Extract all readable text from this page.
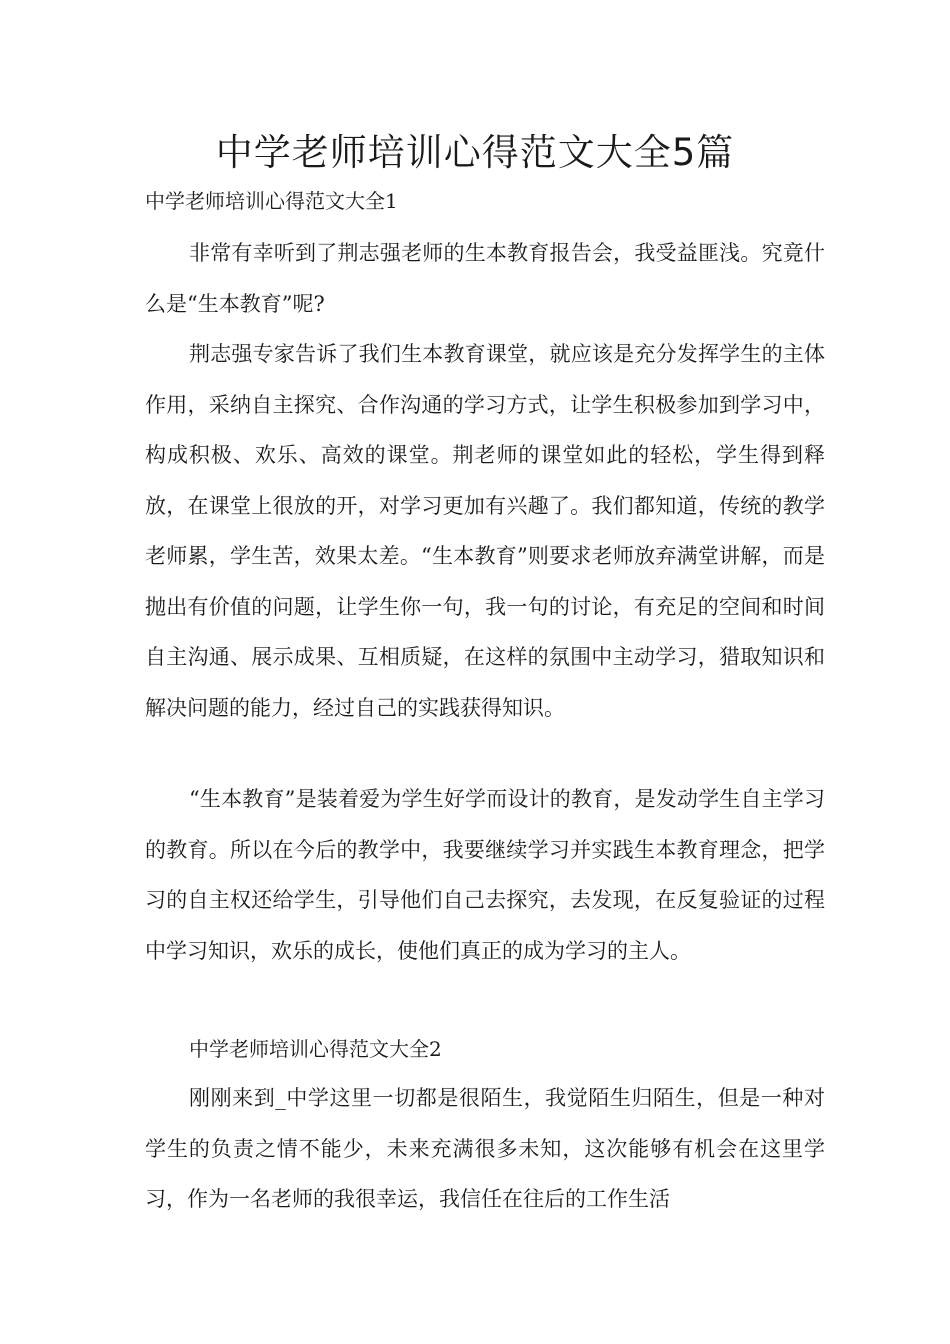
中学老师培训心得范文大全5篇

中学老师培训心得范文大全1

非常有幸听到了荆志强老师的生本教育报告会，我受益匪浅。究竟什么是“生本教育”呢?

荆志强专家告诉了我们生本教育课堂，就应该是充分发挥学生的主体作用，采纳自主探究、合作沟通的学习方式，让学生积极参加到学习中，构成积极、欢乐、高效的课堂。荆老师的课堂如此的轻松，学生得到释放，在课堂上很放的开，对学习更加有兴趣了。我们都知道，传统的教学老师累，学生苦，效果太差。“生本教育”则要求老师放弃满堂讲解，而是抛出有价值的问题，让学生你一句，我一句的讨论，有充足的空间和时间自主沟通、展示成果、互相质疑，在这样的氛围中主动学习，猎取知识和解决问题的能力，经过自己的实践获得知识。

“生本教育”是装着爱为学生好学而设计的教育，是发动学生自主学习的教育。所以在今后的教学中，我要继续学习并实践生本教育理念，把学习的自主权还给学生，引导他们自己去探究，去发现，在反复验证的过程中学习知识，欢乐的成长，使他们真正的成为学习的主人。

中学老师培训心得范文大全2

刚刚来到_中学这里一切都是很陌生，我觉陌生归陌生，但是一种对学生的负责之情不能少，未来充满很多未知，这次能够有机会在这里学习，作为一名老师的我很幸运，我信任在往后的工作生活
